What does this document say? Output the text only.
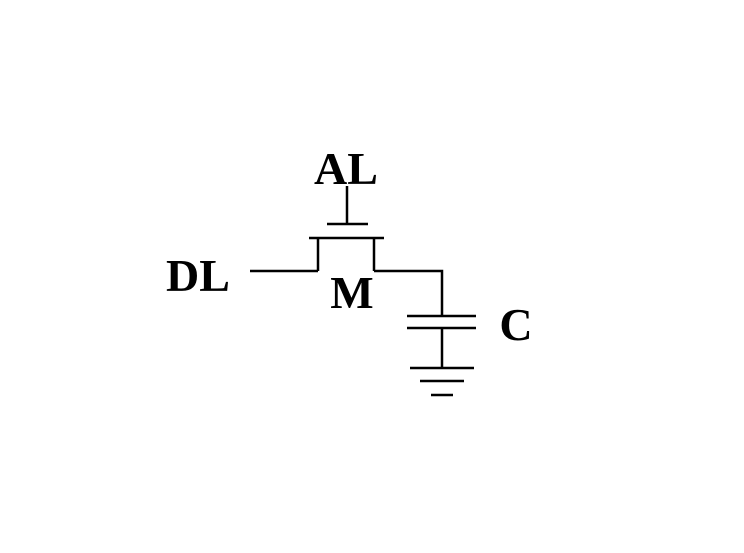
AL
DL M
C
